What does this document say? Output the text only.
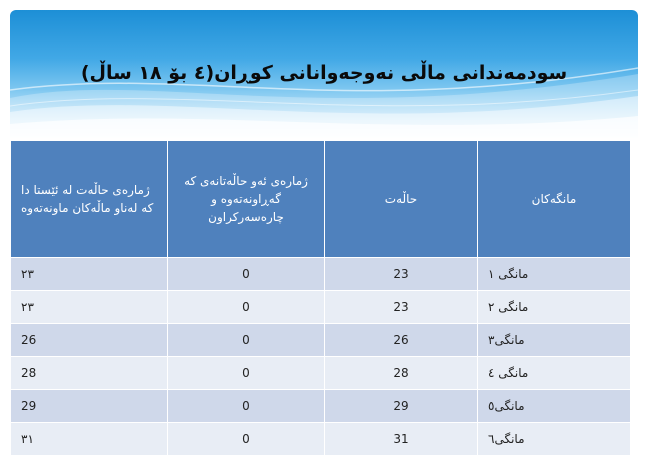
سودمەندانی ماڵی نەوجەوانانی کوڕان(٤ بۆ ١٨ ساڵ)
مانگەکان	حاڵەت	ژمارەی ئەو حاڵەتانەی کە گەڕاونەتەوە و چارەسەرکراون	ژمارەی حاڵەت لە ئێستا دا کە لەناو ماڵەکان ماونەتەوە
مانگی ١	23	0	٢٣
مانگی ٢	23	0	٢٣
مانگی٣	26	0	26
مانگی ٤	28	0	28
مانگی٥	29	0	29
مانگی٦	31	0	٣١
